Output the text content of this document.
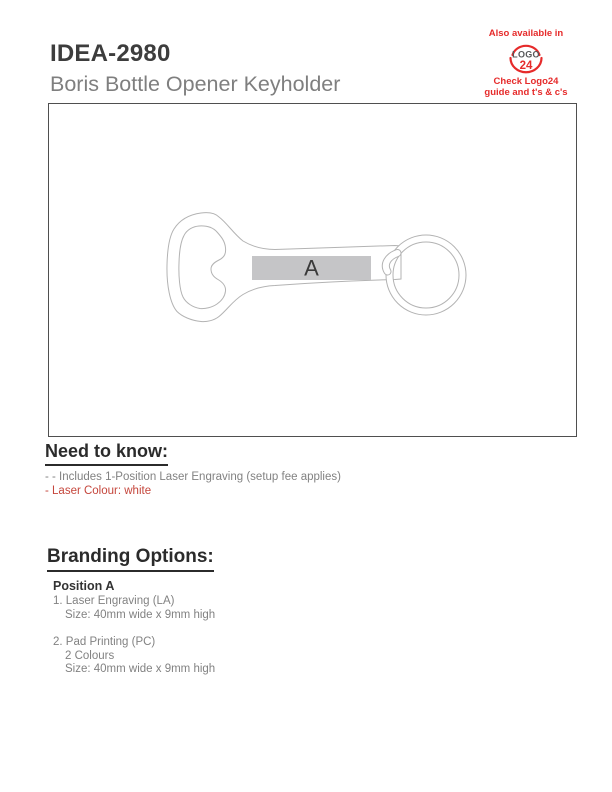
IDEA-2980
Boris Bottle Opener Keyholder
Also available in
LOGO
24
Check Logo24
guide and t's & c's
A
Need to know:
- - Includes 1-Position Laser Engraving (setup fee applies)
- Laser Colour: white
Branding Options:
Position A
1. Laser Engraving (LA)
Size: 40mm wide x 9mm high
2. Pad Printing (PC)
2 Colours
Size: 40mm wide x 9mm high
